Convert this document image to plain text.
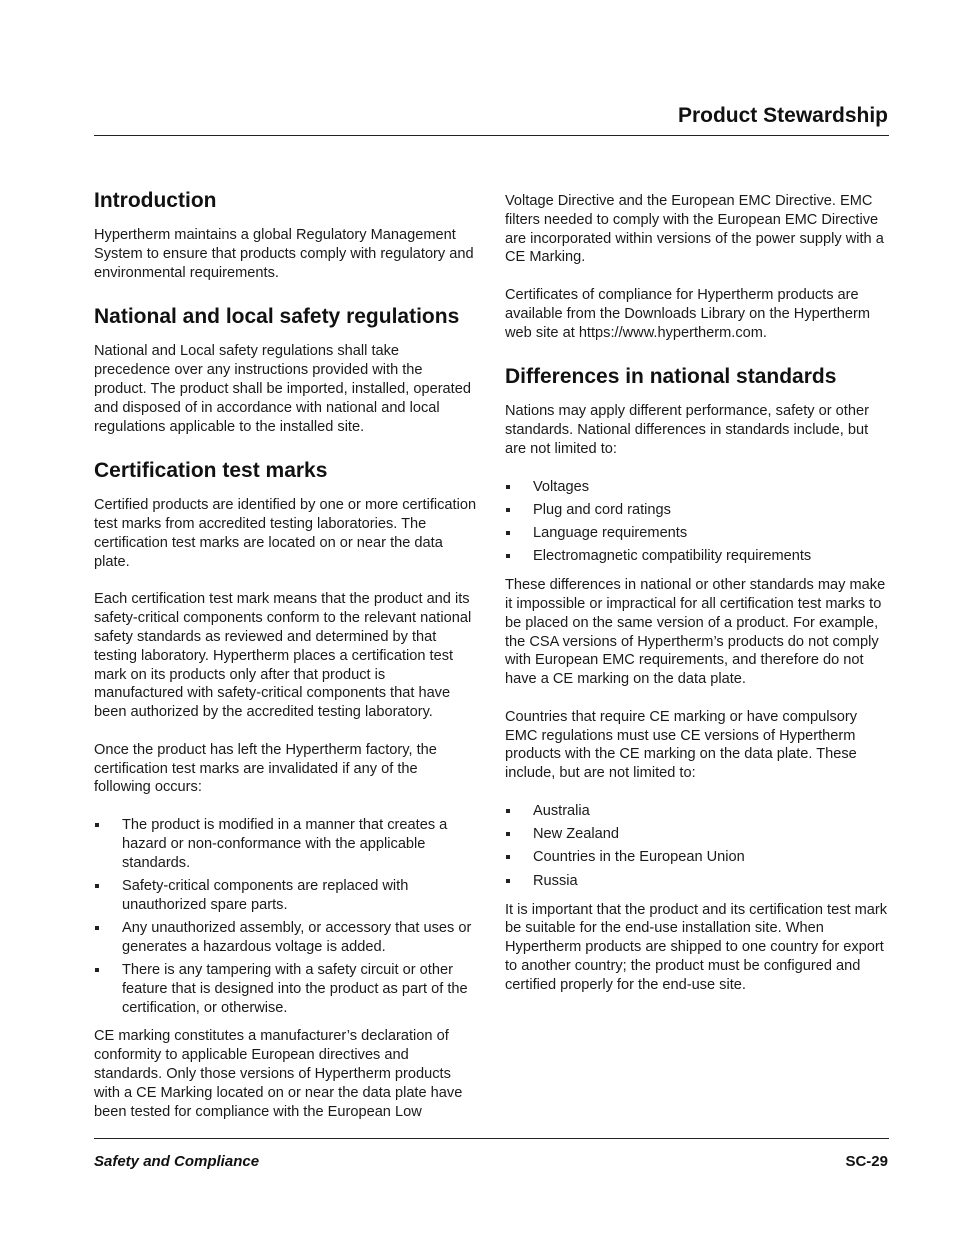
Product Stewardship
Introduction

Hypertherm maintains a global Regulatory Management System to ensure that products comply with regulatory and environmental requirements.

National and local safety regulations

National and Local safety regulations shall take precedence over any instructions provided with the product. The product shall be imported, installed, operated and disposed of in accordance with national and local regulations applicable to the installed site.

Certification test marks

Certified products are identified by one or more certification test marks from accredited testing laboratories. The certification test marks are located on or near the data plate.

Each certification test mark means that the product and its safety-critical components conform to the relevant national safety standards as reviewed and determined by that testing laboratory. Hypertherm places a certification test mark on its products only after that product is manufactured with safety-critical components that have been authorized by the accredited testing laboratory.

Once the product has left the Hypertherm factory, the certification test marks are invalidated if any of the following occurs:

The product is modified in a manner that creates a hazard or non-conformance with the applicable standards.
Safety-critical components are replaced with unauthorized spare parts.
Any unauthorized assembly, or accessory that uses or generates a hazardous voltage is added.
There is any tampering with a safety circuit or other feature that is designed into the product as part of the certification, or otherwise.

CE marking constitutes a manufacturer’s declaration of conformity to applicable European directives and standards. Only those versions of Hypertherm products with a CE Marking located on or near the data plate have been tested for compliance with the European Low

Voltage Directive and the European EMC Directive. EMC filters needed to comply with the European EMC Directive are incorporated within versions of the power supply with a CE Marking.

Certificates of compliance for Hypertherm products are available from the Downloads Library on the Hypertherm web site at https://www.hypertherm.com.

Differences in national standards

Nations may apply different performance, safety or other standards. National differences in standards include, but are not limited to:

Voltages
Plug and cord ratings
Language requirements
Electromagnetic compatibility requirements

These differences in national or other standards may make it impossible or impractical for all certification test marks to be placed on the same version of a product. For example, the CSA versions of Hypertherm’s products do not comply with European EMC requirements, and therefore do not have a CE marking on the data plate.

Countries that require CE marking or have compulsory EMC regulations must use CE versions of Hypertherm products with the CE marking on the data plate. These include, but are not limited to:

Australia
New Zealand
Countries in the European Union
Russia

It is important that the product and its certification test mark be suitable for the end-use installation site. When Hypertherm products are shipped to one country for export to another country; the product must be configured and certified properly for the end-use site.

Safety and Compliance	SC-29
